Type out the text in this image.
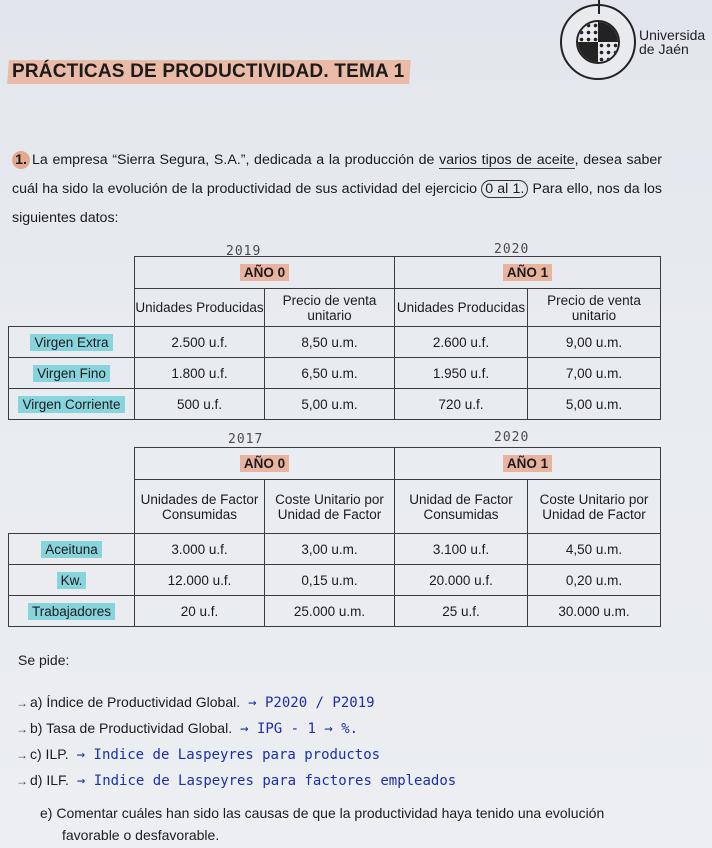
PRÁCTICAS DE PRODUCTIVIDAD. TEMA 1
Universida
de Jaén
1. La empresa “Sierra Segura, S.A.”, dedicada a la producción de varios tipos de aceite, desea saber cuál ha sido la evolución de la productividad de sus actividad del ejercicio 0 al 1. Para ello, nos da los siguientes datos:
2019	2020
	AÑO 0		AÑO 1	
	Unidades Producidas	Precio de venta unitario	Unidades Producidas	Precio de venta unitario
Virgen Extra	2.500 u.f.	8,50 u.m.	2.600 u.f.	9,00 u.m.
Virgen Fino	1.800 u.f.	6,50 u.m.	1.950 u.f.	7,00 u.m.
Virgen Corriente	500 u.f.	5,00 u.m.	720 u.f.	5,00 u.m.
2017	2020
	AÑO 0		AÑO 1	
	Unidades de Factor Consumidas	Coste Unitario por Unidad de Factor	Unidad de Factor Consumidas	Coste Unitario por Unidad de Factor
Aceituna	3.000 u.f.	3,00 u.m.	3.100 u.f.	4,50 u.m.
Kw.	12.000 u.f.	0,15 u.m.	20.000 u.f.	0,20 u.m.
Trabajadores	20 u.f.	25.000 u.m.	25 u.f.	30.000 u.m.
Se pide:
→ a) Índice de Productividad Global. → P2020 / P2019
→ b) Tasa de Productividad Global. → IPG - 1 → %.
→ c) ILP. → Indice de Laspeyres para productos
→ d) ILF. → Indice de Laspeyres para factores empleados
e) Comentar cuáles han sido las causas de que la productividad haya tenido una evolución
favorable o desfavorable.
